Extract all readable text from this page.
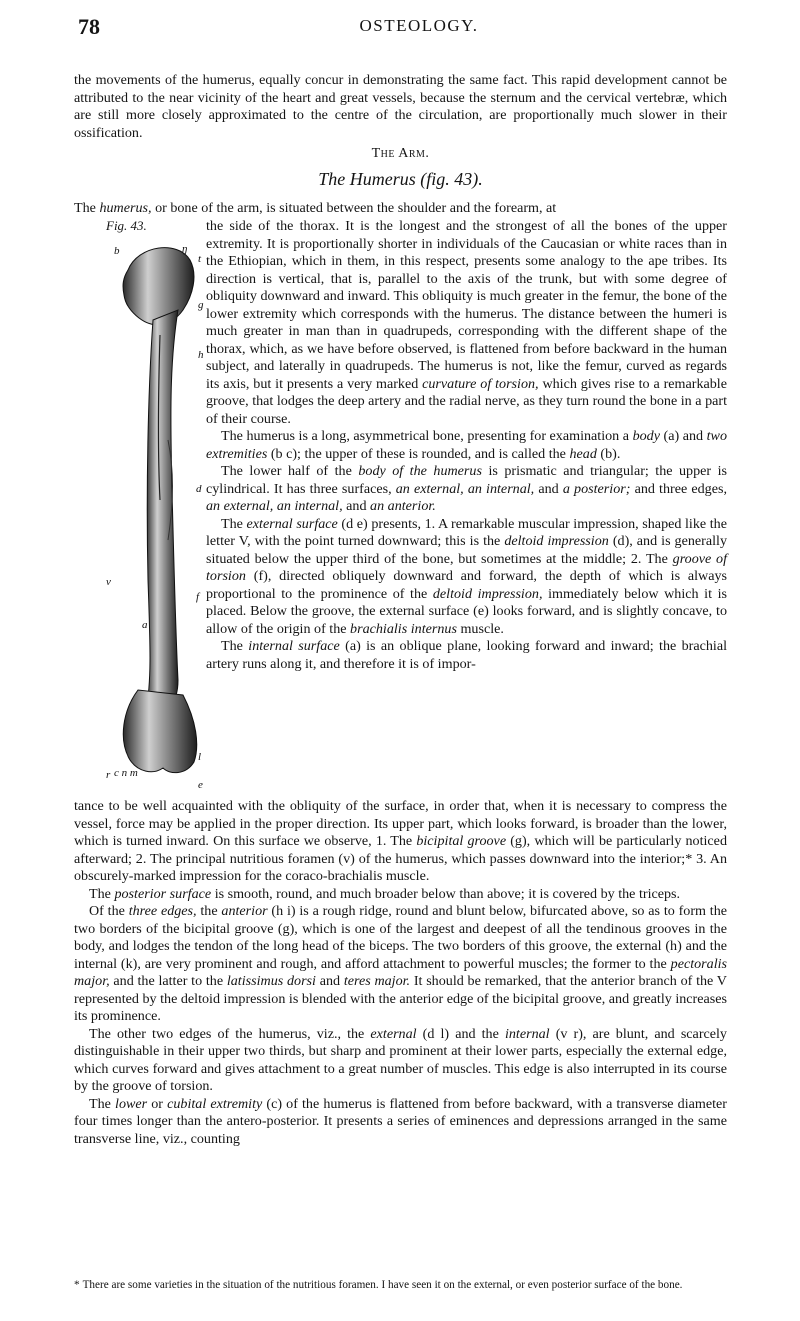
78	OSTEOLOGY.

the movements of the humerus, equally concur in demonstrating the same fact. This rapid development cannot be attributed to the near vicinity of the heart and great vessels, because the sternum and the cervical vertebræ, which are still more closely approximated to the centre of the circulation, are proportionally much slower in their ossification.

The Arm.
The Humerus (fig. 43).
The humerus, or bone of the arm, is situated between the shoulder and the forearm, at
Fig. 43.
b	ŋ
t
g
h
d
v
a
f
e
r
l
c n m

the side of the thorax. It is the longest and the strongest of all the bones of the upper extremity. It is proportionally shorter in individuals of the Caucasian or white races than in the Ethiopian, which in them, in this respect, presents some analogy to the ape tribes. Its direction is vertical, that is, parallel to the axis of the trunk, but with some degree of obliquity downward and inward. This obliquity is much greater in the femur, the bone of the lower extremity which corresponds with the humerus. The distance between the humeri is much greater in man than in quadrupeds, corresponding with the different shape of the thorax, which, as we have before observed, is flattened from before backward in the human subject, and laterally in quadrupeds. The humerus is not, like the femur, curved as regards its axis, but it presents a very marked curvature of torsion, which gives rise to a remarkable groove, that lodges the deep artery and the radial nerve, as they turn round the bone in a part of their course.

The humerus is a long, asymmetrical bone, presenting for examination a body (a) and two extremities (b c); the upper of these is rounded, and is called the head (b).

The lower half of the body of the humerus is prismatic and triangular; the upper is cylindrical. It has three surfaces, an external, an internal, and a posterior; and three edges, an external, an internal, and an anterior.

The external surface (d e) presents, 1. A remarkable muscular impression, shaped like the letter V, with the point turned downward; this is the deltoid impression (d), and is generally situated below the upper third of the bone, but sometimes at the middle; 2. The groove of torsion (f), directed obliquely downward and forward, the depth of which is always proportional to the prominence of the deltoid impression, immediately below which it is placed. Below the groove, the external surface (e) looks forward, and is slightly concave, to allow of the origin of the brachialis internus muscle.

The internal surface (a) is an oblique plane, looking forward and inward; the brachial artery runs along it, and therefore it is of impor-

tance to be well acquainted with the obliquity of the surface, in order that, when it is necessary to compress the vessel, force may be applied in the proper direction. Its upper part, which looks forward, is broader than the lower, which is turned inward. On this surface we observe, 1. The bicipital groove (g), which will be particularly noticed afterward; 2. The principal nutritious foramen (v) of the humerus, which passes downward into the interior;* 3. An obscurely-marked impression for the coraco-brachialis muscle.

The posterior surface is smooth, round, and much broader below than above; it is covered by the triceps.

Of the three edges, the anterior (h i) is a rough ridge, round and blunt below, bifurcated above, so as to form the two borders of the bicipital groove (g), which is one of the largest and deepest of all the tendinous grooves in the body, and lodges the tendon of the long head of the biceps. The two borders of this groove, the external (h) and the internal (k), are very prominent and rough, and afford attachment to powerful muscles; the former to the pectoralis major, and the latter to the latissimus dorsi and teres major. It should be remarked, that the anterior branch of the V represented by the deltoid impression is blended with the anterior edge of the bicipital groove, and greatly increases its prominence.

The other two edges of the humerus, viz., the external (d l) and the internal (v r), are blunt, and scarcely distinguishable in their upper two thirds, but sharp and prominent at their lower parts, especially the external edge, which curves forward and gives attachment to a great number of muscles. This edge is also interrupted in its course by the groove of torsion.

The lower or cubital extremity (c) of the humerus is flattened from before backward, with a transverse diameter four times longer than the antero-posterior. It presents a series of eminences and depressions arranged in the same transverse line, viz., counting

* There are some varieties in the situation of the nutritious foramen. I have seen it on the external, or even posterior surface of the bone.
